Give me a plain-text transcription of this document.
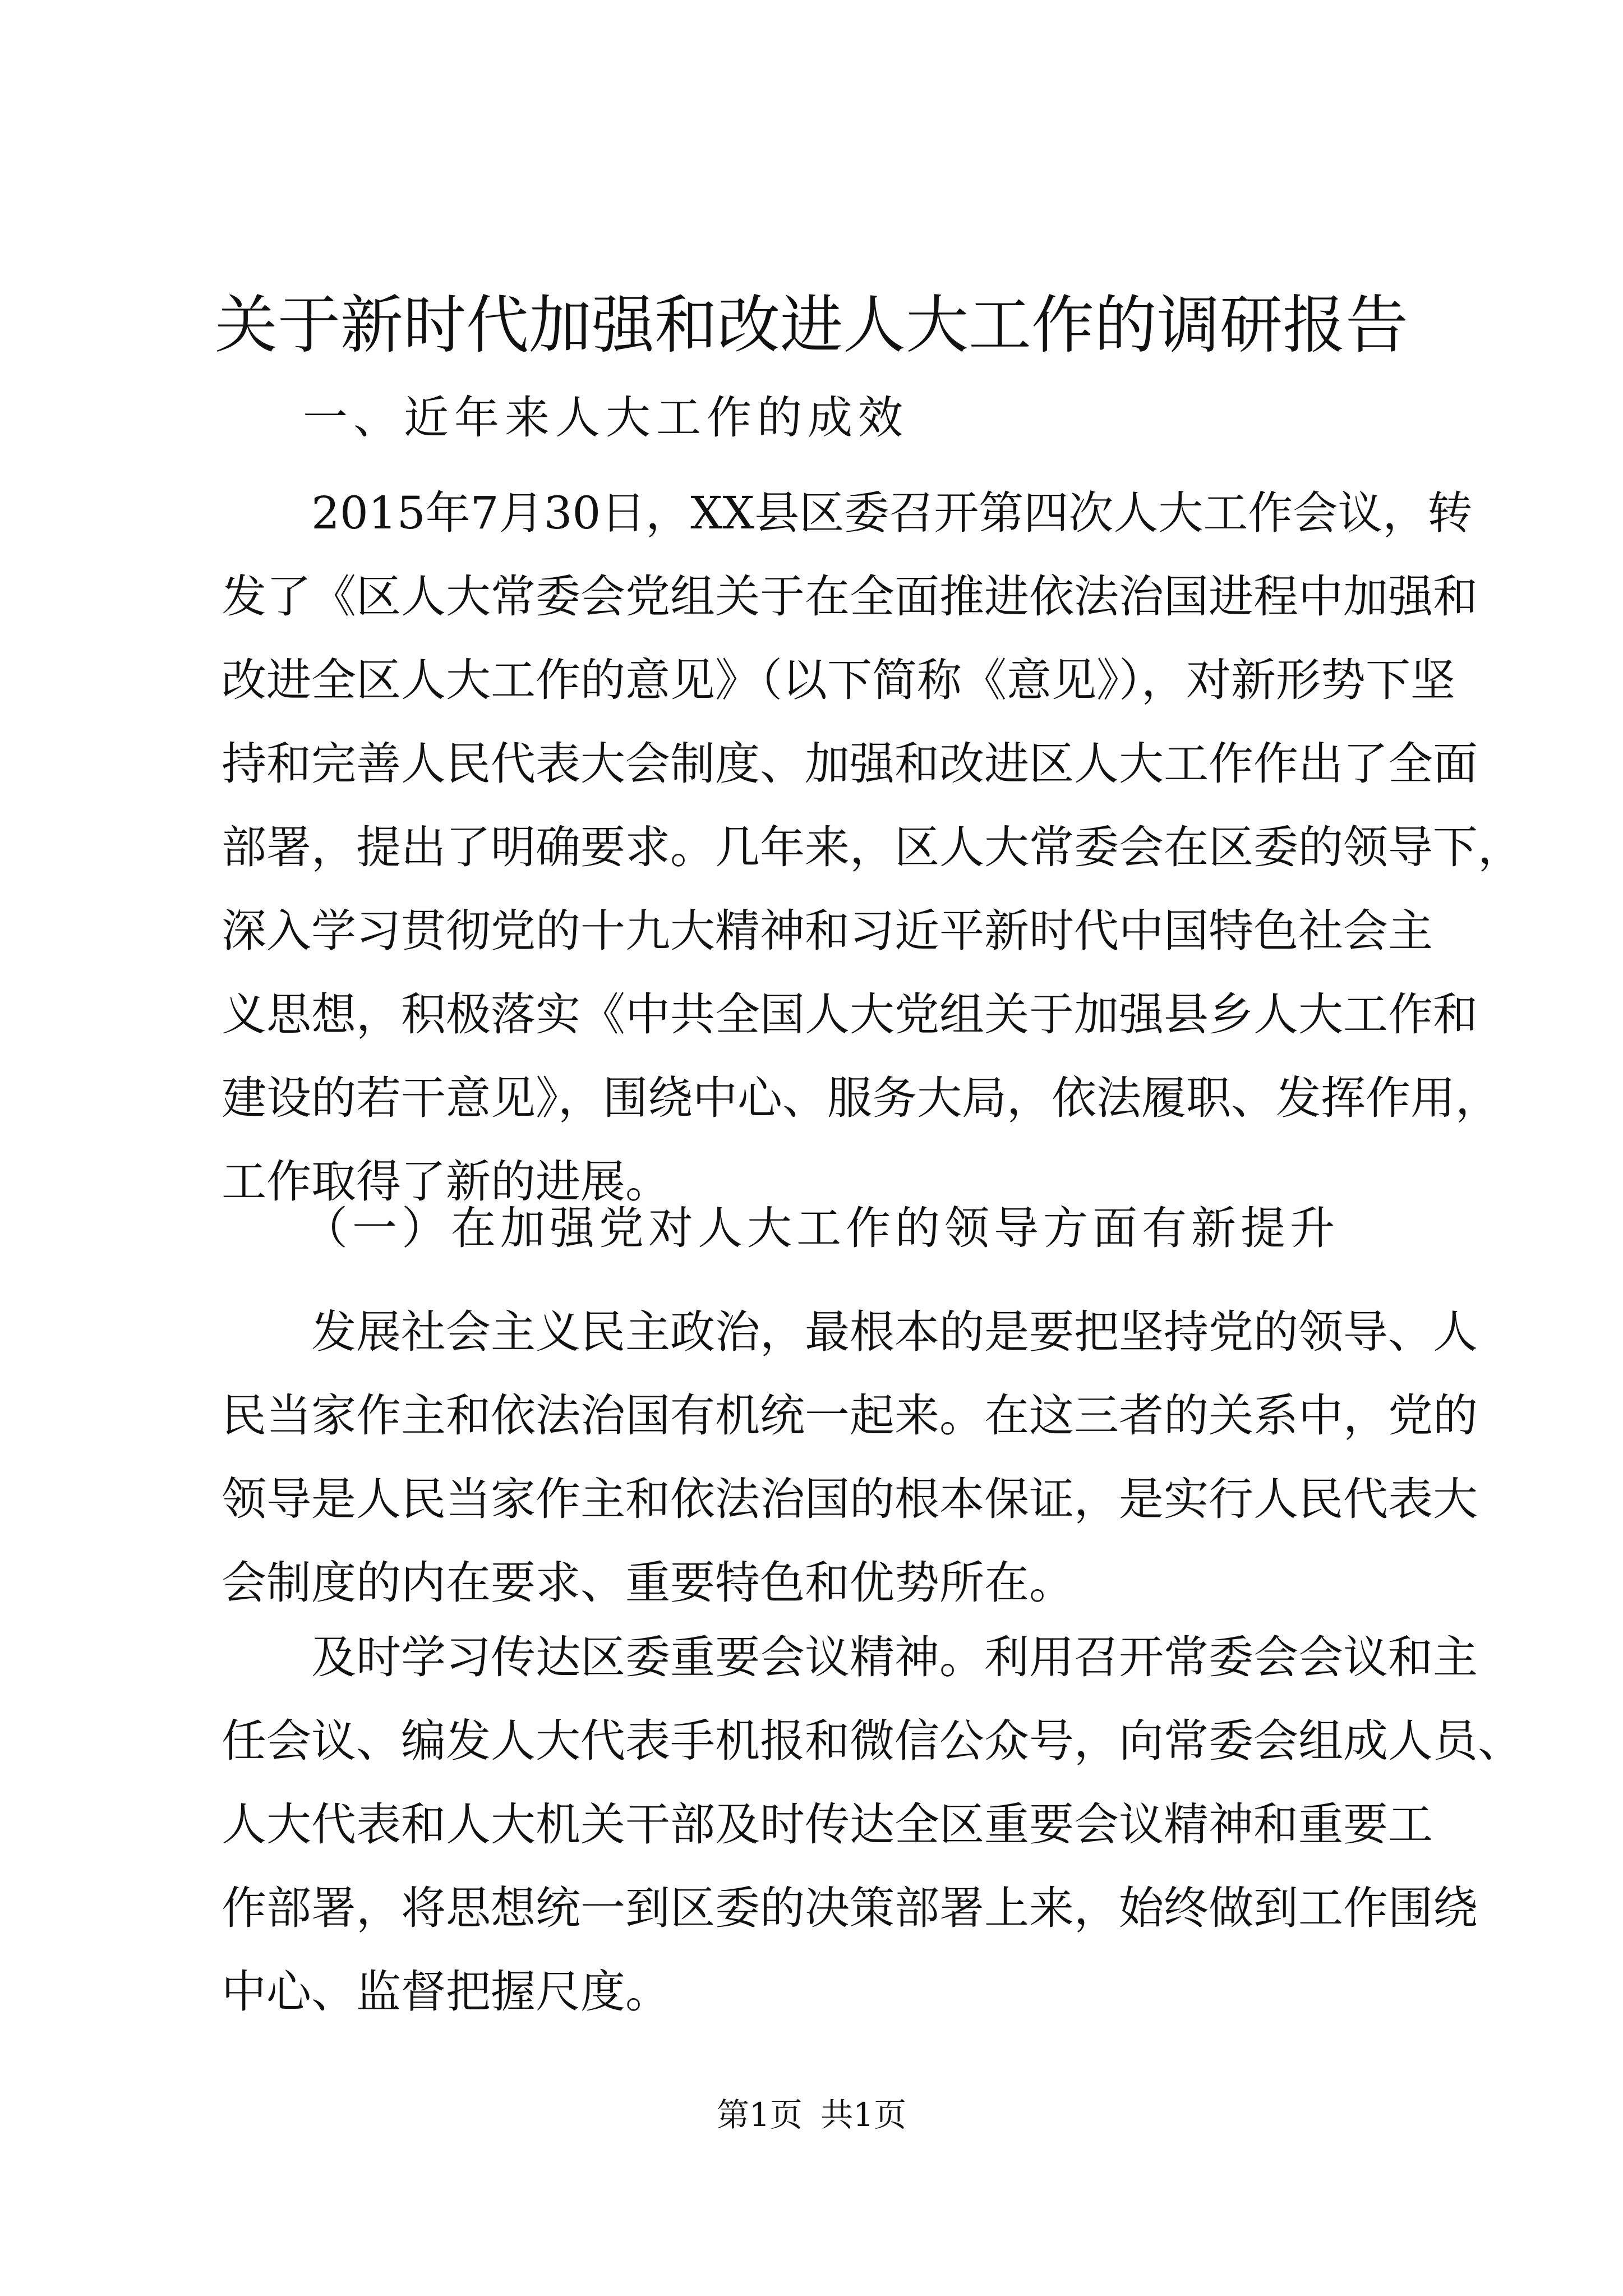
关于新时代加强和改进人大工作的调研报告

一、近年来人大工作的成效

2015年7月30日，XX县区委召开第四次人大工作会议，转
发了《区人大常委会党组关于在全面推进依法治国进程中加强和
改进全区人大工作的意见》（以下简称《意见》），对新形势下坚
持和完善人民代表大会制度、加强和改进区人大工作作出了全面
部署，提出了明确要求。几年来，区人大常委会在区委的领导下，
深入学习贯彻党的十九大精神和习近平新时代中国特色社会主
义思想，积极落实《中共全国人大党组关于加强县乡人大工作和
建设的若干意见》，围绕中心、服务大局，依法履职、发挥作用，
工作取得了新的进展。

（一）在加强党对人大工作的领导方面有新提升

发展社会主义民主政治，最根本的是要把坚持党的领导、人
民当家作主和依法治国有机统一起来。在这三者的关系中，党的
领导是人民当家作主和依法治国的根本保证，是实行人民代表大
会制度的内在要求、重要特色和优势所在。

及时学习传达区委重要会议精神。利用召开常委会会议和主
任会议、编发人大代表手机报和微信公众号，向常委会组成人员、
人大代表和人大机关干部及时传达全区重要会议精神和重要工
作部署，将思想统一到区委的决策部署上来，始终做到工作围绕
中心、监督把握尺度。

第1页 共1页
